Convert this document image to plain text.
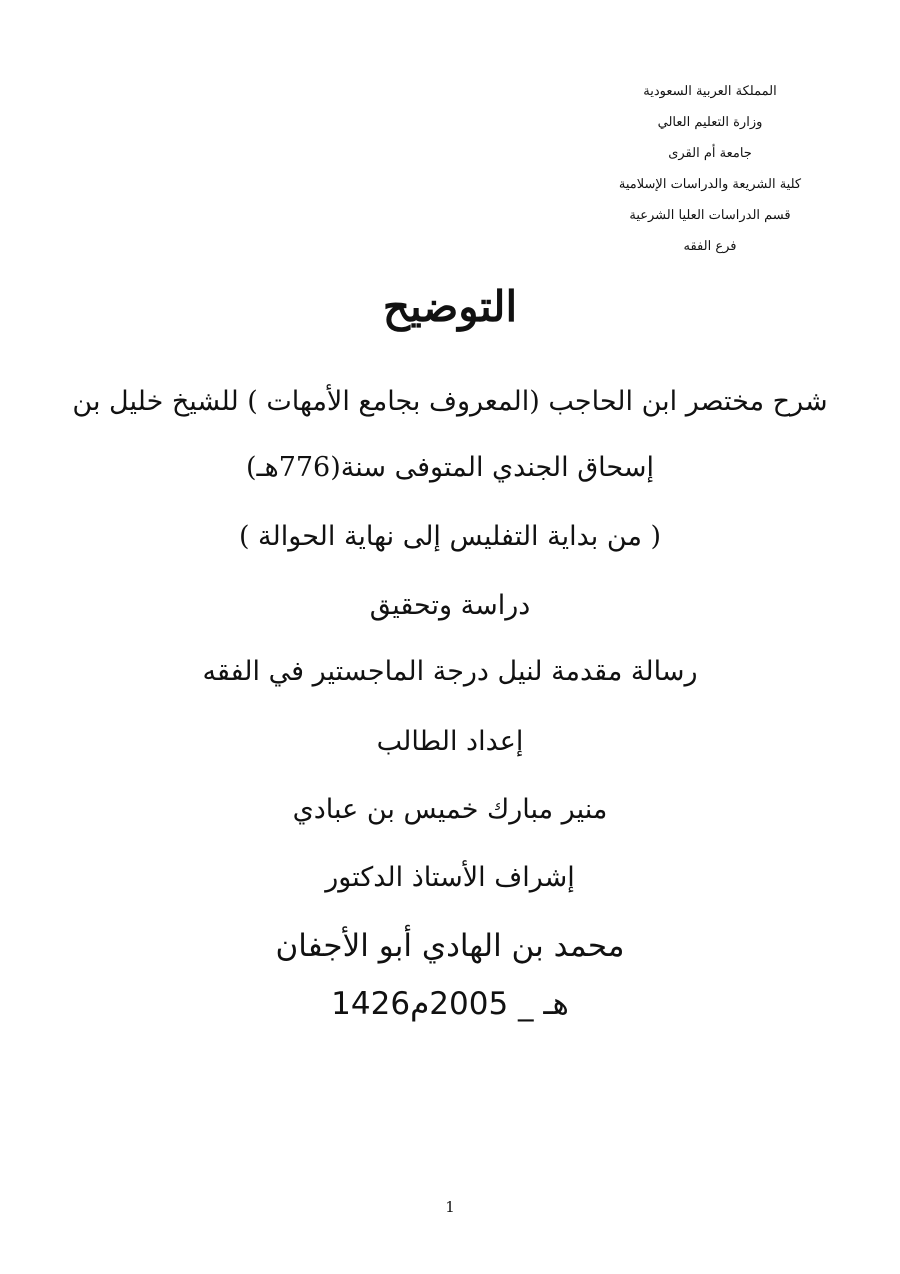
المملكة العربية السعودية
وزارة التعليم العالي
جامعة أم القرى
كلية الشريعة والدراسات الإسلامية
قسم الدراسات العليا الشرعية
فرع الفقه
التوضيح
شرح مختصر ابن الحاجب (المعروف بجامع الأمهات ) للشيخ خليل بن
إسحاق الجندي المتوفى سنة(776هـ)
( من بداية التفليس إلى نهاية الحوالة )
دراسة وتحقيق
رسالة مقدمة لنيل درجة الماجستير في الفقه
إعداد الطالب
منير مبارك خميس بن عبادي
إشراف الأستاذ الدكتور
محمد بن الهادي أبو الأجفان
1426هـ _ 2005م
1
